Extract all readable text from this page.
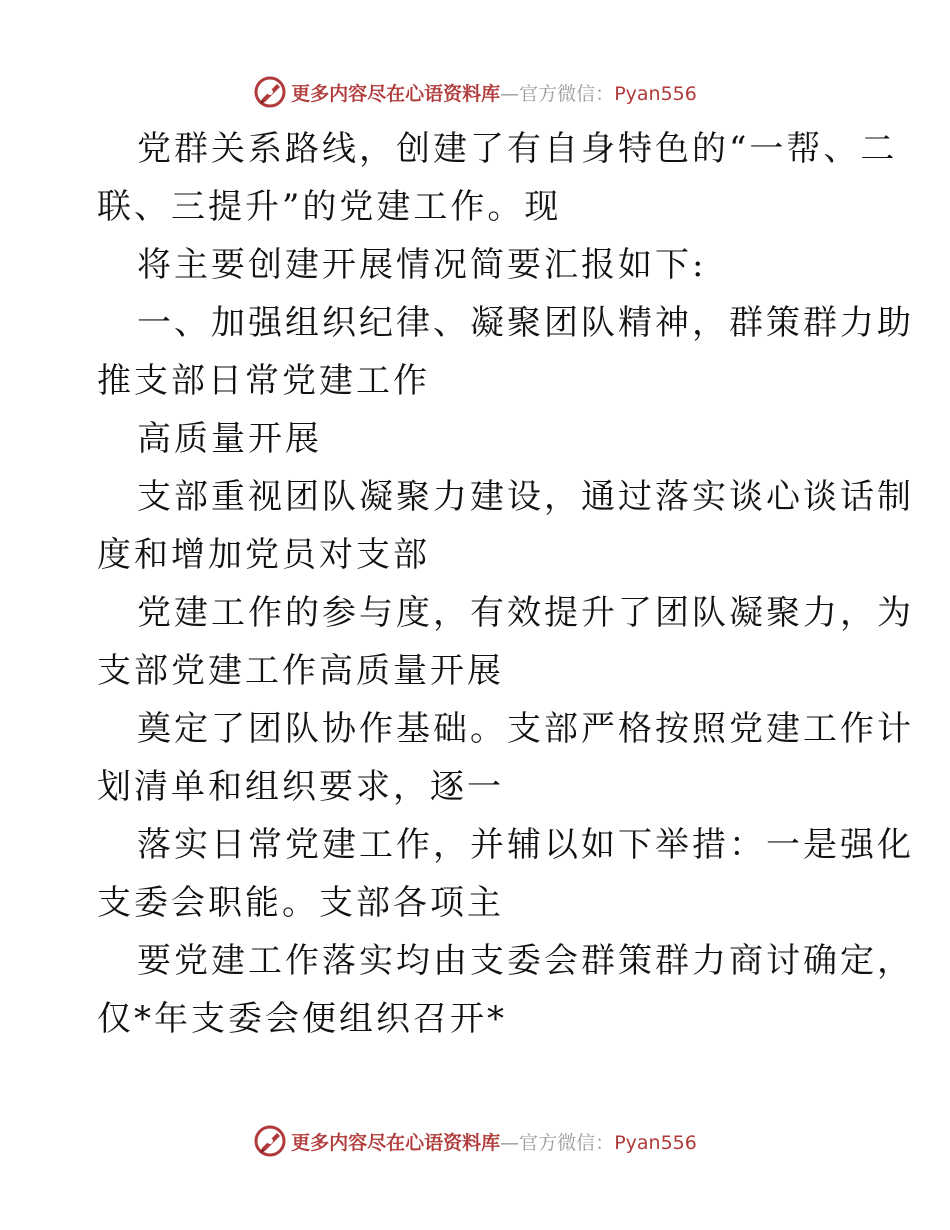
更多内容尽在心语资料库—官方微信：Pyan556
党群关系路线，创建了有自身特色的“一帮、二
联、三提升”的党建工作。现
将主要创建开展情况简要汇报如下:
一、加强组织纪律、凝聚团队精神，群策群力助
推支部日常党建工作
高质量开展
支部重视团队凝聚力建设，通过落实谈心谈话制
度和增加党员对支部
党建工作的参与度，有效提升了团队凝聚力，为
支部党建工作高质量开展
奠定了团队协作基础。支部严格按照党建工作计
划清单和组织要求，逐一
落实日常党建工作，并辅以如下举措：一是强化
支委会职能。支部各项主
要党建工作落实均由支委会群策群力商讨确定，
仅*年支委会便组织召开*
更多内容尽在心语资料库—官方微信：Pyan556
